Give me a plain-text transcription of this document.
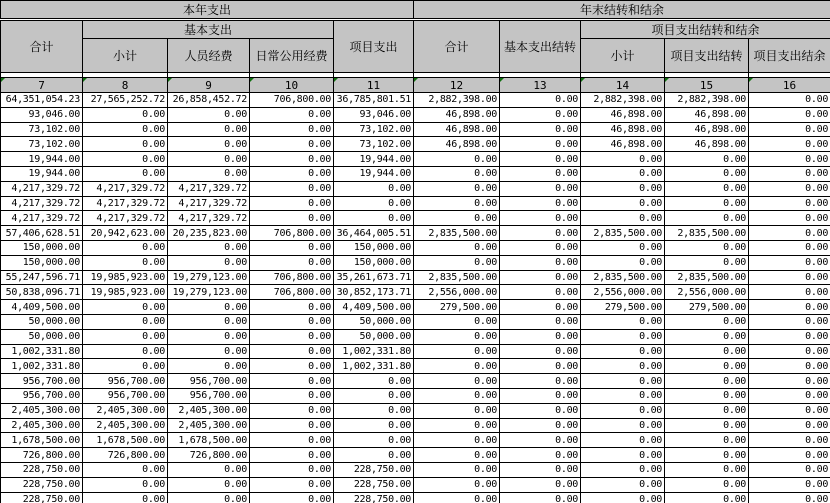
本年支出					年末结转和结余				
合计	基本支出			项目支出	合计	基本支出结转	项目支出结转和结余		
	小计	人员经费	日常公用经费				小计	项目支出结转	项目支出结余

7	8	9	10	11	12	13	14	15	16
64,351,054.23	27,565,252.72	26,858,452.72	706,800.00	36,785,801.51	2,882,398.00	0.00	2,882,398.00	2,882,398.00	0.00
93,046.00	0.00	0.00	0.00	93,046.00	46,898.00	0.00	46,898.00	46,898.00	0.00
73,102.00	0.00	0.00	0.00	73,102.00	46,898.00	0.00	46,898.00	46,898.00	0.00
73,102.00	0.00	0.00	0.00	73,102.00	46,898.00	0.00	46,898.00	46,898.00	0.00
19,944.00	0.00	0.00	0.00	19,944.00	0.00	0.00	0.00	0.00	0.00
19,944.00	0.00	0.00	0.00	19,944.00	0.00	0.00	0.00	0.00	0.00
4,217,329.72	4,217,329.72	4,217,329.72	0.00	0.00	0.00	0.00	0.00	0.00	0.00
4,217,329.72	4,217,329.72	4,217,329.72	0.00	0.00	0.00	0.00	0.00	0.00	0.00
4,217,329.72	4,217,329.72	4,217,329.72	0.00	0.00	0.00	0.00	0.00	0.00	0.00
57,406,628.51	20,942,623.00	20,235,823.00	706,800.00	36,464,005.51	2,835,500.00	0.00	2,835,500.00	2,835,500.00	0.00
150,000.00	0.00	0.00	0.00	150,000.00	0.00	0.00	0.00	0.00	0.00
150,000.00	0.00	0.00	0.00	150,000.00	0.00	0.00	0.00	0.00	0.00
55,247,596.71	19,985,923.00	19,279,123.00	706,800.00	35,261,673.71	2,835,500.00	0.00	2,835,500.00	2,835,500.00	0.00
50,838,096.71	19,985,923.00	19,279,123.00	706,800.00	30,852,173.71	2,556,000.00	0.00	2,556,000.00	2,556,000.00	0.00
4,409,500.00	0.00	0.00	0.00	4,409,500.00	279,500.00	0.00	279,500.00	279,500.00	0.00
50,000.00	0.00	0.00	0.00	50,000.00	0.00	0.00	0.00	0.00	0.00
50,000.00	0.00	0.00	0.00	50,000.00	0.00	0.00	0.00	0.00	0.00
1,002,331.80	0.00	0.00	0.00	1,002,331.80	0.00	0.00	0.00	0.00	0.00
1,002,331.80	0.00	0.00	0.00	1,002,331.80	0.00	0.00	0.00	0.00	0.00
956,700.00	956,700.00	956,700.00	0.00	0.00	0.00	0.00	0.00	0.00	0.00
956,700.00	956,700.00	956,700.00	0.00	0.00	0.00	0.00	0.00	0.00	0.00
2,405,300.00	2,405,300.00	2,405,300.00	0.00	0.00	0.00	0.00	0.00	0.00	0.00
2,405,300.00	2,405,300.00	2,405,300.00	0.00	0.00	0.00	0.00	0.00	0.00	0.00
1,678,500.00	1,678,500.00	1,678,500.00	0.00	0.00	0.00	0.00	0.00	0.00	0.00
726,800.00	726,800.00	726,800.00	0.00	0.00	0.00	0.00	0.00	0.00	0.00
228,750.00	0.00	0.00	0.00	228,750.00	0.00	0.00	0.00	0.00	0.00
228,750.00	0.00	0.00	0.00	228,750.00	0.00	0.00	0.00	0.00	0.00
228,750.00	0.00	0.00	0.00	228,750.00	0.00	0.00	0.00	0.00	0.00
